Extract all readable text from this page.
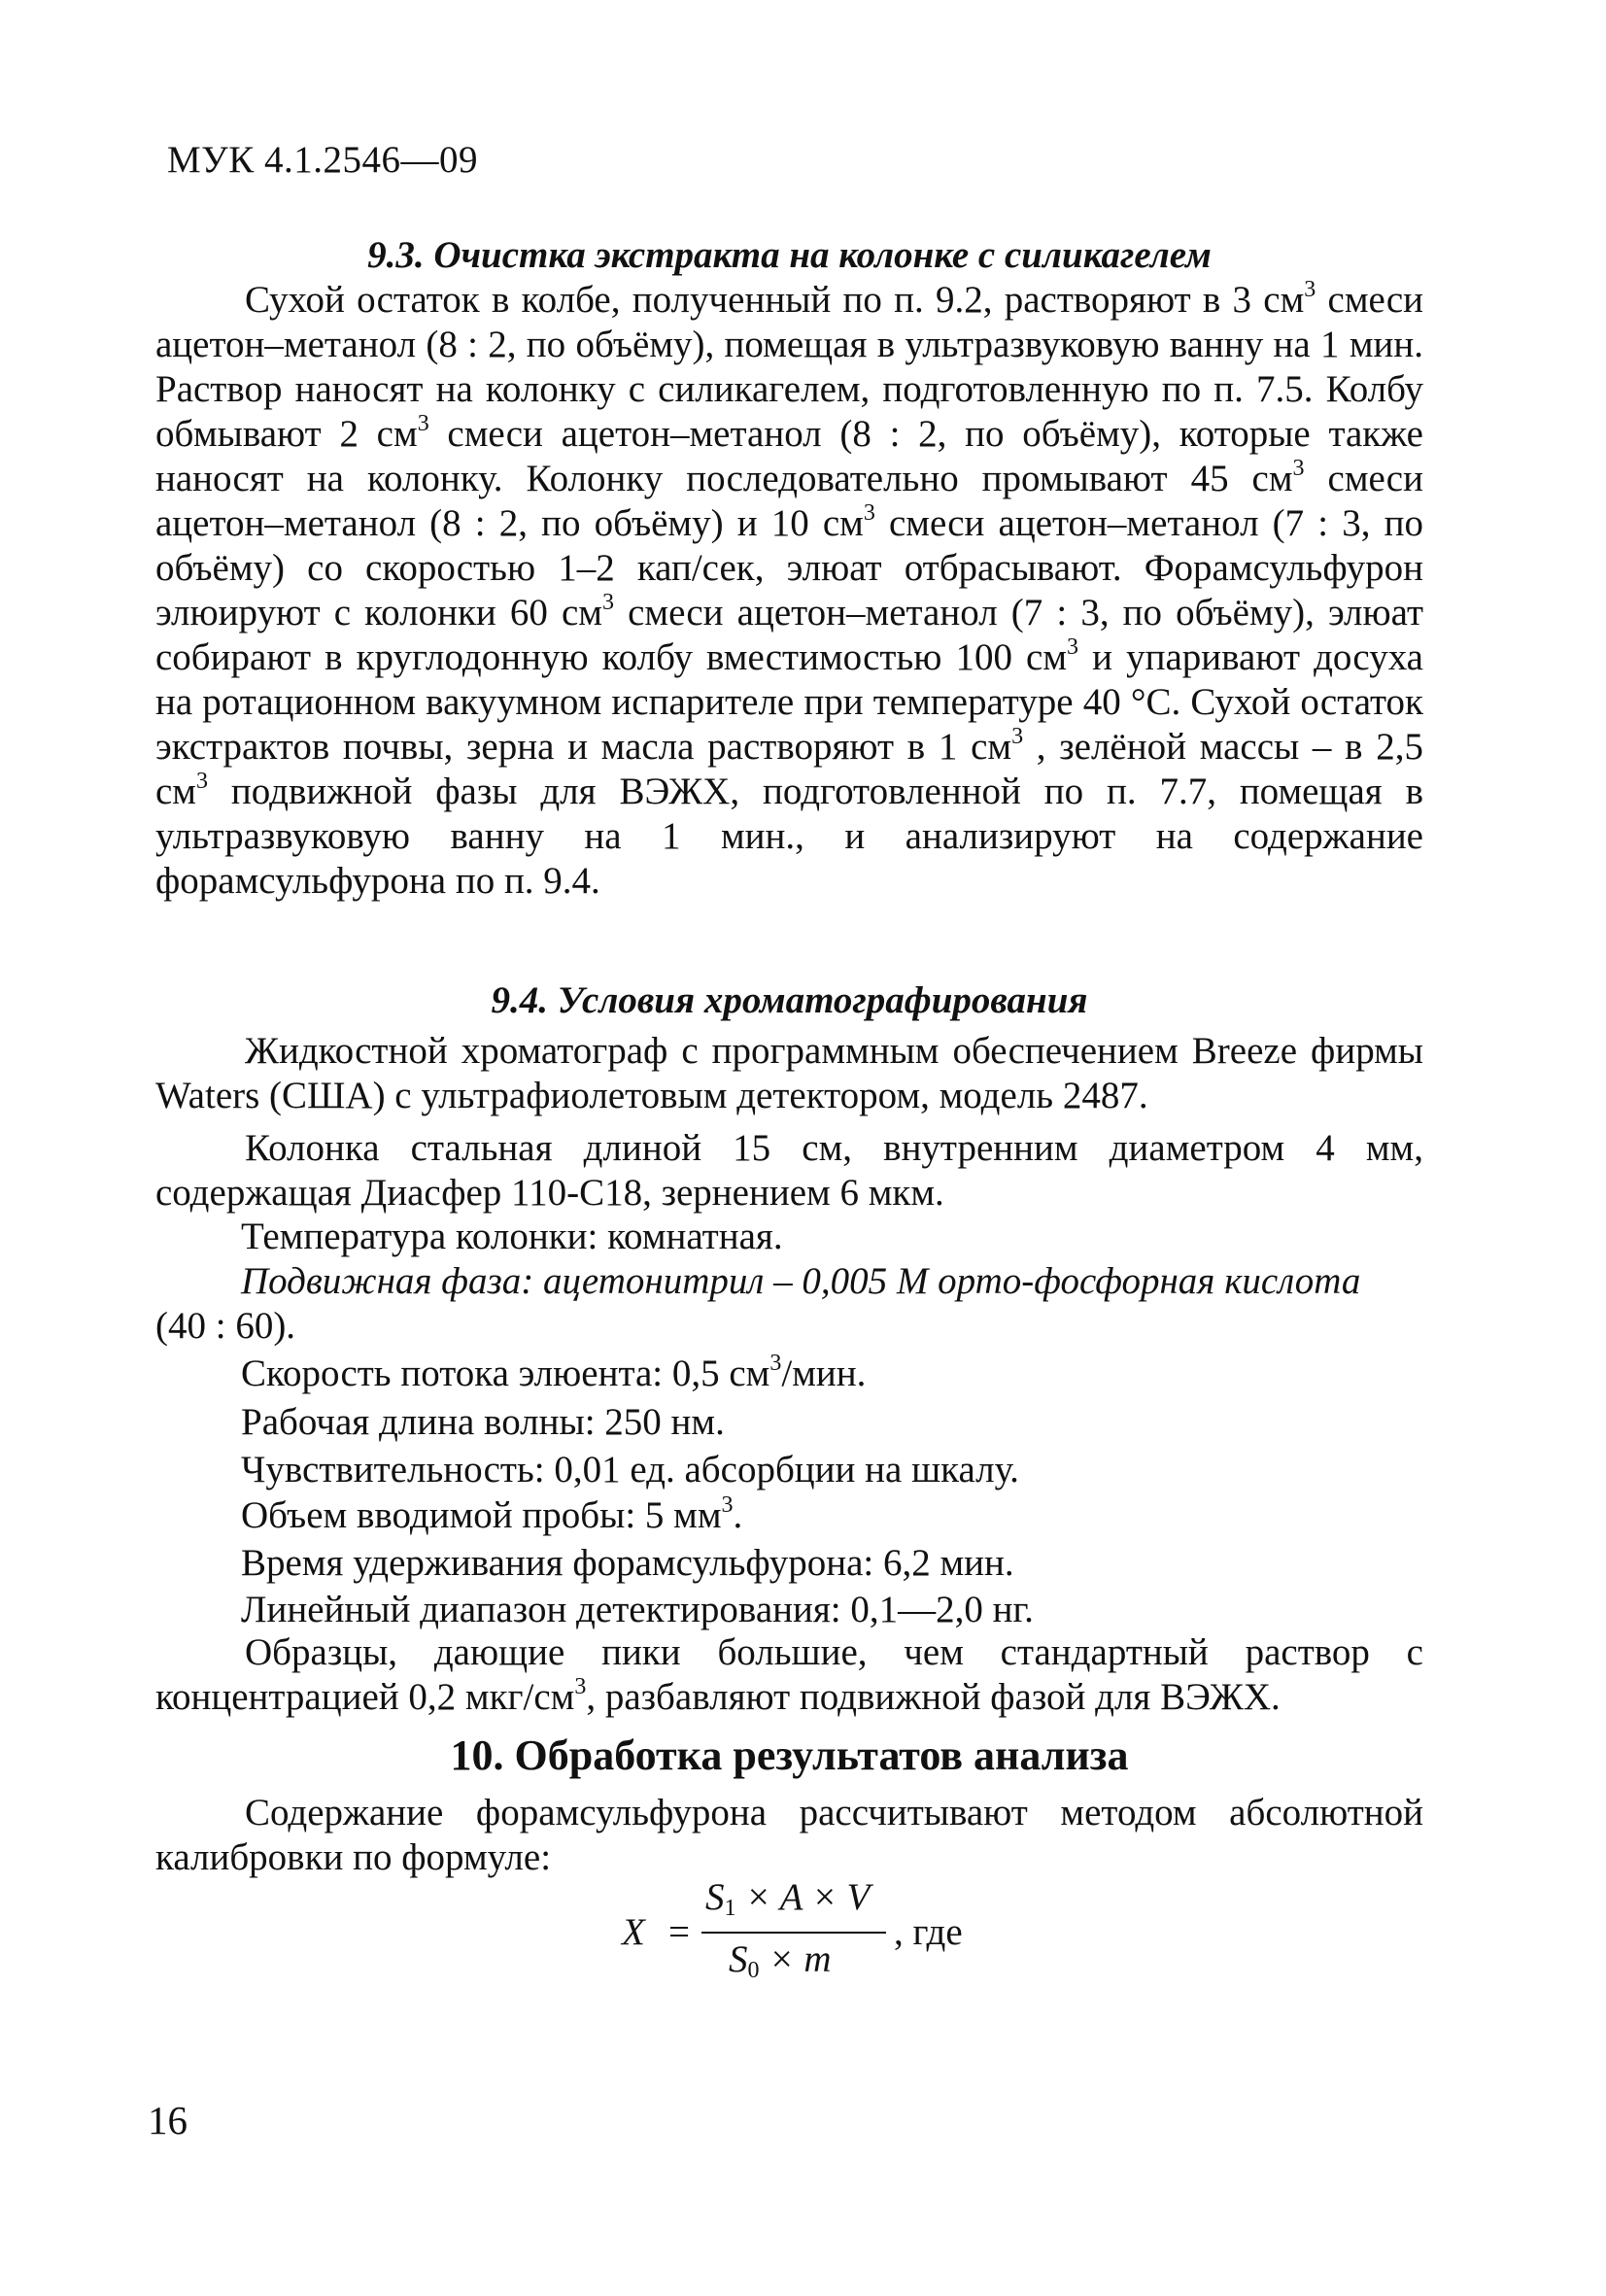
МУК 4.1.2546—09
9.3. Очистка экстракта на колонке с силикагелем

Сухой остаток в колбе, полученный по п. 9.2, растворяют в 3 $см^3$ смеси ацетон–метанол (8 : 2, по объёму), помещая в ультразвуковую ванну на 1 мин. Раствор наносят на колонку с силикагелем, подготовленную по п. 7.5. Колбу обмывают 2 $см^3$ смеси ацетон–метанол (8 : 2, по объёму), которые также наносят на колонку. Колонку последовательно промывают 45 $см^3$ смеси ацетон–метанол (8 : 2, по объёму) и 10 $см^3$ смеси ацетон–метанол (7 : 3, по объёму) со скоростью 1–2 кап/сек, элюат отбрасывают. Форамсульфурон элюируют с колонки 60 $см^3$ смеси ацетон–метанол (7 : 3, по объёму), элюат собирают в круглодонную колбу вместимостью 100 $см^3$ и упаривают досуха на ротационном вакуумном испарителе при температуре 40 °С. Сухой остаток экстрактов почвы, зерна и масла растворяют в 1 $см^3$ , зелёной массы – в 2,5 $см^3$ подвижной фазы для ВЭЖХ, подготовленной по п. 7.7, помещая в ультразвуковую ванну на 1 мин., и анализируют на содержание форамсульфурона по п. 9.4.

9.4. Условия хроматографирования

Жидкостной хроматограф с программным обеспечением Breeze фирмы Waters (США) с ультрафиолетовым детектором, модель 2487.

Колонка стальная длиной 15 см, внутренним диаметром 4 мм, содержащая Диасфер 110-С18, зернением 6 мкм.

Температура колонки: комнатная.
Подвижная фаза: ацетонитрил – 0,005 М орто-фосфорная кислота
(40 : 60).
Скорость потока элюента: 0,5 $см^3$/мин.
Рабочая длина волны: 250 нм.
Чувствительность: 0,01 ед. абсорбции на шкалу.
Объем вводимой пробы: 5 $мм^3$.
Время удерживания форамсульфурона: 6,2 мин.
Линейный диапазон детектирования: 0,1—2,0 нг.

Образцы, дающие пики большие, чем стандартный раствор с концентрацией 0,2 мкг/$см^3$, разбавляют подвижной фазой для ВЭЖХ.

10. Обработка результатов анализа

Содержание форамсульфурона рассчитывают методом абсолютной калибровки по формуле:

X =
$S_1 \times A \times V$
$S_0 \times m$
, где
16
